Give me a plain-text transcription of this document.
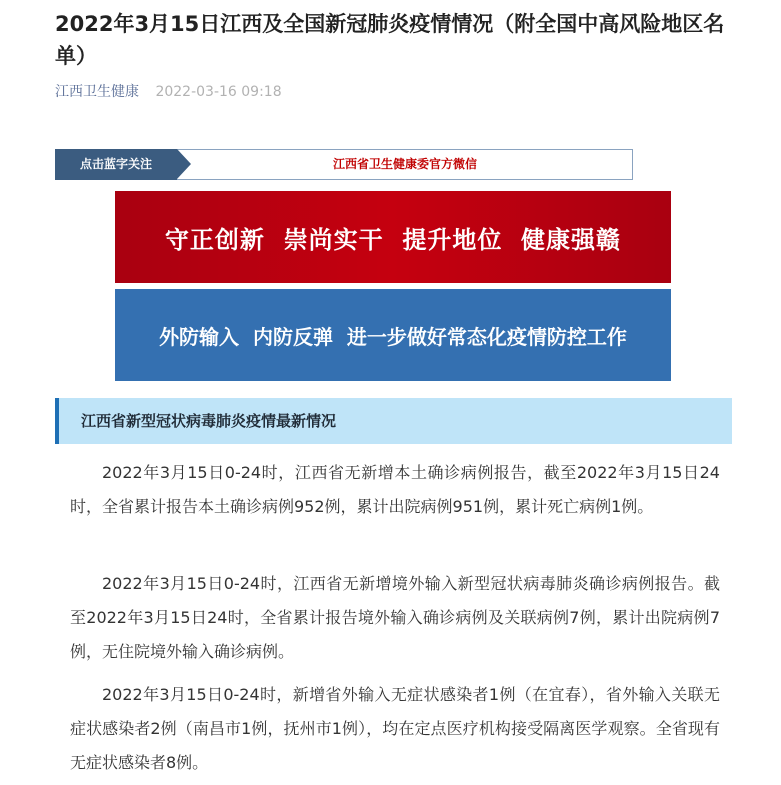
2022年3月15日江西及全国新冠肺炎疫情情况（附全国中高风险地区名单）
江西卫生健康 2022-03-16 09:18
点击蓝字关注	江西省卫生健康委官方微信
守正创新  崇尚实干  提升地位  健康强赣
外防输入  内防反弹  进一步做好常态化疫情防控工作
江西省新型冠状病毒肺炎疫情最新情况

2022年3月15日0-24时，江西省无新增本土确诊病例报告，截至2022年3月15日24时，全省累计报告本土确诊病例952例，累计出院病例951例，累计死亡病例1例。

2022年3月15日0-24时，江西省无新增境外输入新型冠状病毒肺炎确诊病例报告。截至2022年3月15日24时，全省累计报告境外输入确诊病例及关联病例7例，累计出院病例7例，无住院境外输入确诊病例。

2022年3月15日0-24时，新增省外输入无症状感染者1例（在宜春），省外输入关联无症状感染者2例（南昌市1例，抚州市1例），均在定点医疗机构接受隔离医学观察。全省现有无症状感染者8例。
